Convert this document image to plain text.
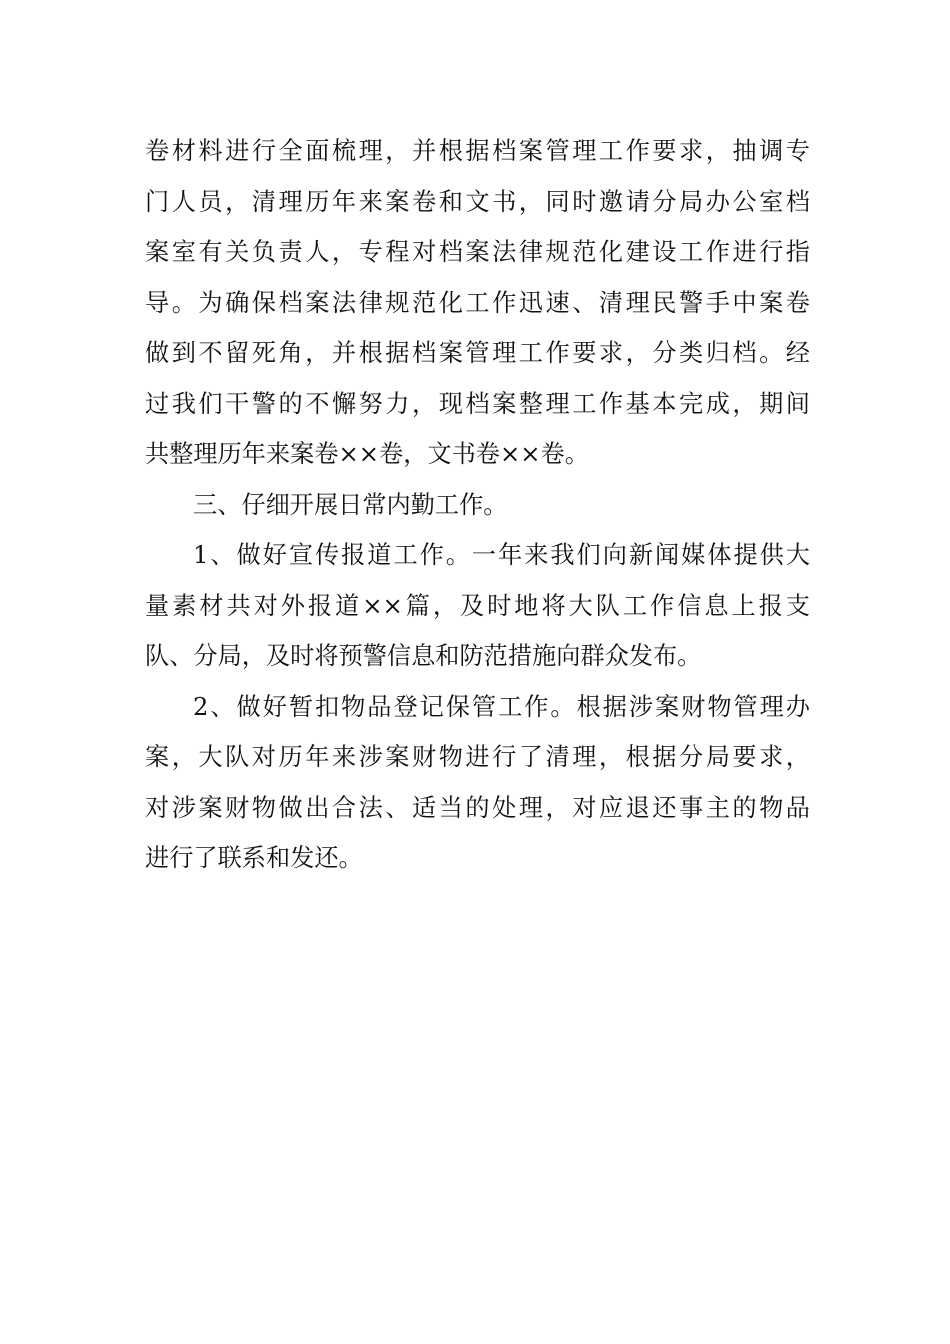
卷材料进行全面梳理，并根据档案管理工作要求，抽调专
门人员，清理历年来案卷和文书，同时邀请分局办公室档
案室有关负责人，专程对档案法律规范化建设工作进行指
导。为确保档案法律规范化工作迅速、清理民警手中案卷
做到不留死角，并根据档案管理工作要求，分类归档。经
过我们干警的不懈努力，现档案整理工作基本完成，期间
共整理历年来案卷××卷，文书卷××卷。
三、仔细开展日常内勤工作。
1、做好宣传报道工作。一年来我们向新闻媒体提供大
量素材共对外报道××篇，及时地将大队工作信息上报支
队、分局，及时将预警信息和防范措施向群众发布。
2、做好暂扣物品登记保管工作。根据涉案财物管理办
案，大队对历年来涉案财物进行了清理，根据分局要求，
对涉案财物做出合法、适当的处理，对应退还事主的物品
进行了联系和发还。
